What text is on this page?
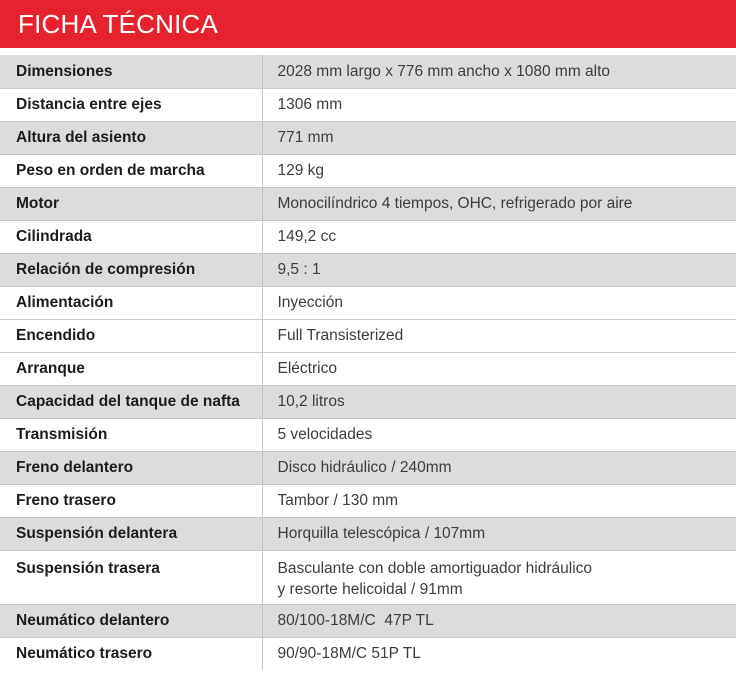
FICHA TÉCNICA
Dimensiones	2028 mm largo x 776 mm ancho x 1080 mm alto
Distancia entre ejes	1306 mm
Altura del asiento	771 mm
Peso en orden de marcha	129 kg
Motor	Monocilíndrico 4 tiempos, OHC, refrigerado por aire
Cilindrada	149,2 cc
Relación de compresión	9,5 : 1
Alimentación	Inyección
Encendido	Full Transisterized
Arranque	Eléctrico
Capacidad del tanque de nafta	10,2 litros
Transmisión	5 velocidades
Freno delantero	Disco hidráulico / 240mm
Freno trasero	Tambor / 130 mm
Suspensión delantera	Horquilla telescópica / 107mm
Suspensión trasera	Basculante con doble amortiguador hidráulico
y resorte helicoidal / 91mm
Neumático delantero	80/100-18M/C  47P TL
Neumático trasero	90/90-18M/C 51P TL
